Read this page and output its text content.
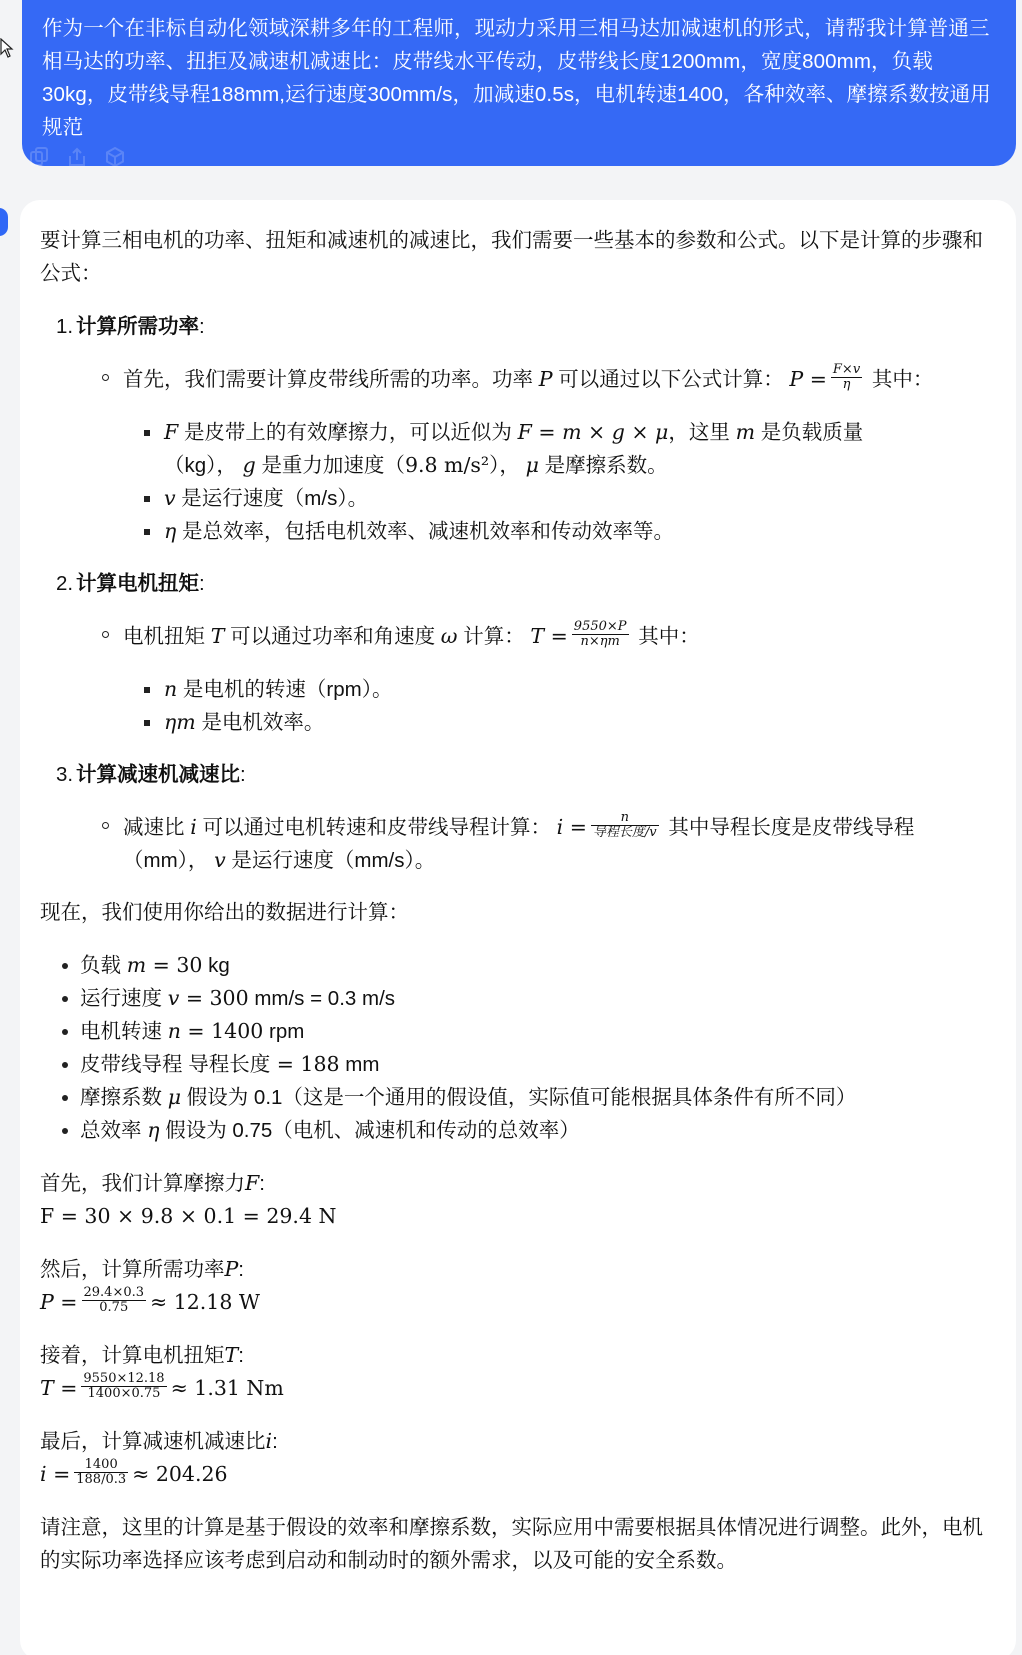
作为一个在非标自动化领域深耕多年的工程师，现动力采用三相马达加减速机的形式，请帮我计算普通三相马达的功率、扭拒及减速机减速比：皮带线水平传动，皮带线长度1200mm，宽度800mm，负载30kg，皮带线导程188mm,运行速度300mm/s，加减速0.5s，电机转速1400，各种效率、摩擦系数按通用规范
要计算三相电机的功率、扭矩和减速机的减速比，我们需要一些基本的参数和公式。以下是计算的步骤和公式：
1. 计算所需功率:
首先，我们需要计算皮带线所需的功率。功率 P 可以通过以下公式计算： $P = \frac{F\times v}{\eta}$ 其中：
F 是皮带上的有效摩擦力，可以近似为 F = m × g × μ，这里 m 是负载质量（kg）， g 是重力加速度（9.8 m/s²）， μ 是摩擦系数。
v 是运行速度（m/s）。
η 是总效率，包括电机效率、减速机效率和传动效率等。
2. 计算电机扭矩:
电机扭矩 T 可以通过功率和角速度 ω 计算： $T = \frac{9550\times P}{n\times\eta m}$ 其中：
n 是电机的转速（rpm）。
ηm 是电机效率。
3. 计算减速机减速比:
减速比 i 可以通过电机转速和皮带线导程计算： $i = \frac{n}{\text{导程长度/v}}$ 其中导程长度是皮带线导程（mm）， v 是运行速度（mm/s）。
现在，我们使用你给出的数据进行计算：
负载 m = 30 kg
运行速度 v = 300 mm/s = 0.3 m/s
电机转速 n = 1400 rpm
皮带线导程 导程长度 = 188 mm
摩擦系数 μ 假设为 0.1（这是一个通用的假设值，实际值可能根据具体条件有所不同）
总效率 η 假设为 0.75（电机、减速机和传动的总效率）
首先，我们计算摩擦力F:
F = 30 × 9.8 × 0.1 = 29.4 N
然后，计算所需功率P:
$P = \frac{29.4\times 0.3}{0.75} \approx 12.18$ W
接着，计算电机扭矩T:
$T = \frac{9550\times 12.18}{1400\times 0.75} \approx 1.31$ Nm
最后，计算减速机减速比i:
$i = \frac{1400}{188/0.3} \approx 204.26$
请注意，这里的计算是基于假设的效率和摩擦系数，实际应用中需要根据具体情况进行调整。此外，电机的实际功率选择应该考虑到启动和制动时的额外需求，以及可能的安全系数。
